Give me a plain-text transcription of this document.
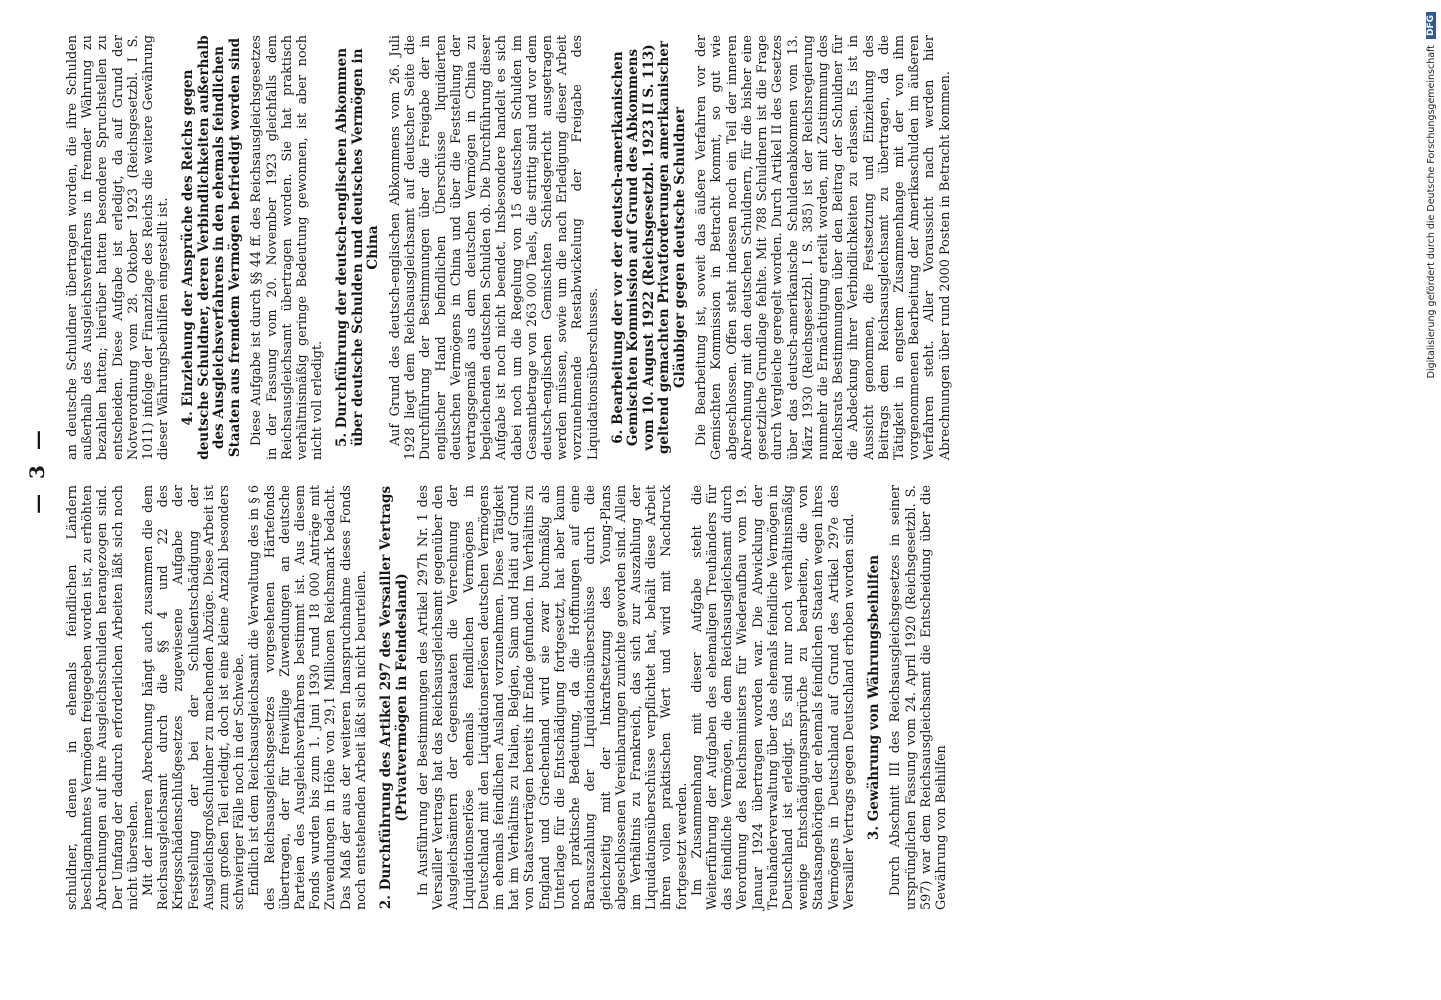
— 3 —

schuldner, denen in ehemals feindlichen Ländern beschlagnahmtes Vermögen freigegeben worden ist, zu erhöhten Abrechnungen auf ihre Ausgleichsschulden herangezogen sind. Der Umfang der dadurch erforderlichen Arbeiten läßt sich noch nicht übersehen. Mit der inneren Abrechnung hängt auch zusammen die dem Reichsausgleichsamt durch die §§ 4 und 22 des Kriegsschädenschlußgesetzes zugewiesene Aufgabe der Feststellung der bei der Schlußentschädigung der Ausgleichsgroßschuldner zu machenden Abzüge. Diese Arbeit ist zum großen Teil erledigt, doch ist eine kleine Anzahl besonders schwieriger Fälle noch in der Schwebe. Endlich ist dem Reichsausgleichsamt die Verwaltung des in § 6 des Reichsausgleichsgesetzes vorgesehenen Härtefonds übertragen, der für freiwillige Zuwendungen an deutsche Parteien des Ausgleichsverfahrens bestimmt ist. Aus diesem Fonds wurden bis zum 1. Juni 1930 rund 18 000 Anträge mit Zuwendungen in Höhe von 29,1 Millionen Reichsmark bedacht. Das Maß der aus der weiteren Inanspruchnahme dieses Fonds noch entstehenden Arbeit läßt sich nicht beurteilen. 2. Durchführung des Artikel 297 des Versailler Vertrags (Privatvermögen in Feindesland) In Ausführung der Bestimmungen des Artikel 297h Nr. 1 des Versailler Vertrags hat das Reichsausgleichsamt gegenüber den Ausgleichsämtern der Gegenstaaten die Verrechnung der Liquidationserlöse ehemals feindlichen Vermögens in Deutschland mit den Liquidationserlösen deutschen Vermögens im ehemals feindlichen Ausland vorzunehmen. Diese Tätigkeit hat im Verhältnis zu Italien, Belgien, Siam und Haiti auf Grund von Staatsverträgen bereits ihr Ende gefunden. Im Verhältnis zu England und Griechenland wird sie zwar buchmäßig als Unterlage für die Entschädigung fortgesetzt, hat aber kaum noch praktische Bedeutung, da die Hoffnungen auf eine Barauszahlung der Liquidationsüberschüsse durch die gleichzeitig mit der Inkraftsetzung des Young-Plans abgeschlossenen Vereinbarungen zunichte geworden sind. Allein im Verhältnis zu Frankreich, das sich zur Auszahlung der Liquidationsüberschüsse verpflichtet hat, behält diese Arbeit ihren vollen praktischen Wert und wird mit Nachdruck fortgesetzt werden. Im Zusammenhang mit dieser Aufgabe steht die Weiterführung der Aufgaben des ehemaligen Treuhänders für das feindliche Vermögen, die dem Reichsausgleichsamt durch Verordnung des Reichsministers für Wiederaufbau vom 19. Januar 1924 übertragen worden war. Die Abwicklung der Treuhänderverwaltung über das ehemals feindliche Vermögen in Deutschland ist erledigt. Es sind nur noch verhältnismäßig wenige Entschädigungsansprüche zu bearbeiten, die von Staatsangehörigen der ehemals feindlichen Staaten wegen ihres Vermögens in Deutschland auf Grund des Artikel 297e des Versailler Vertrags gegen Deutschland erhoben worden sind. 3. Gewährung von Währungsbeihilfen Durch Abschnitt III des Reichsausgleichsgesetzes in seiner ursprünglichen Fassung vom 24. April 1920 (Reichsgesetzbl. S. 597) war dem Reichsausgleichsamt die Entscheidung über die Gewährung von Beihilfen

an deutsche Schuldner übertragen worden, die ihre Schulden außerhalb des Ausgleichsverfahrens in fremder Währung zu bezahlen hatten; hierüber hatten besondere Spruchstellen zu entscheiden. Diese Aufgabe ist erledigt, da auf Grund der Notverordnung vom 28. Oktober 1923 (Reichsgesetzbl. I S. 1011) infolge der Finanzlage des Reichs die weitere Gewährung dieser Währungsbeihilfen eingestellt ist. 4. Einziehung der Ansprüche des Reichs gegen deutsche Schuldner, deren Verbindlichkeiten außerhalb des Ausgleichsverfahrens in den ehemals feindlichen Staaten aus fremdem Vermögen befriedigt worden sind Diese Aufgabe ist durch §§ 44 ff. des Reichsausgleichsgesetzes in der Fassung vom 20. November 1923 gleichfalls dem Reichsausgleichsamt übertragen worden. Sie hat praktisch verhältnismäßig geringe Bedeutung gewonnen, ist aber noch nicht voll erledigt. 5. Durchführung der deutsch-englischen Abkommen über deutsche Schulden und deutsches Vermögen in China Auf Grund des deutsch-englischen Abkommens vom 26. Juli 1928 liegt dem Reichsausgleichsamt auf deutscher Seite die Durchführung der Bestimmungen über die Freigabe der in englischer Hand befindlichen Überschüsse liquidierten deutschen Vermögens in China und über die Feststellung der vertragsgemäß aus dem deutschen Vermögen in China zu begleichenden deutschen Schulden ob. Die Durchführung dieser Aufgabe ist noch nicht beendet. Insbesondere handelt es sich dabei noch um die Regelung von 15 deutschen Schulden im Gesamtbetrage von 263 000 Taels, die strittig sind und vor dem deutsch-englischen Gemischten Schiedsgericht ausgetragen werden müssen, sowie um die nach Erledigung dieser Arbeit vorzunehmende Restabwickelung der Freigabe des Liquidationsüberschusses. 6. Bearbeitung der vor der deutsch-amerikanischen Gemischten Kommission auf Grund des Abkommens vom 10. August 1922 (Reichsgesetzbl. 1923 II S. 113) geltend gemachten Privatforderungen amerikanischer Gläubiger gegen deutsche Schuldner Die Bearbeitung ist, soweit das äußere Verfahren vor der Gemischten Kommission in Betracht kommt, so gut wie abgeschlossen. Offen steht indessen noch ein Teil der inneren Abrechnung mit den deutschen Schuldnern, für die bisher eine gesetzliche Grundlage fehlte. Mit 788 Schuldnern ist die Frage durch Vergleiche geregelt worden. Durch Artikel II des Gesetzes über das deutsch-amerikanische Schuldenabkommen vom 13. März 1930 (Reichsgesetzbl. I S. 385) ist der Reichsregierung nunmehr die Ermächtigung erteilt worden, mit Zustimmung des Reichsrats Bestimmungen über den Beitrag der Schuldner für die Abdeckung ihrer Verbindlichkeiten zu erlassen. Es ist in Aussicht genommen, die Festsetzung und Einziehung des Beitrags dem Reichsausgleichsamt zu übertragen, da die Tätigkeit in engstem Zusammenhange mit der von ihm vorgenommenen Bearbeitung der Amerikaschulden im äußeren Verfahren steht. Aller Voraussicht nach werden hier Abrechnungen über rund 2000 Posten in Betracht kommen.	Digitalisierung gefördert durch die Deutsche Forschungsgemeinschaft
DFG
